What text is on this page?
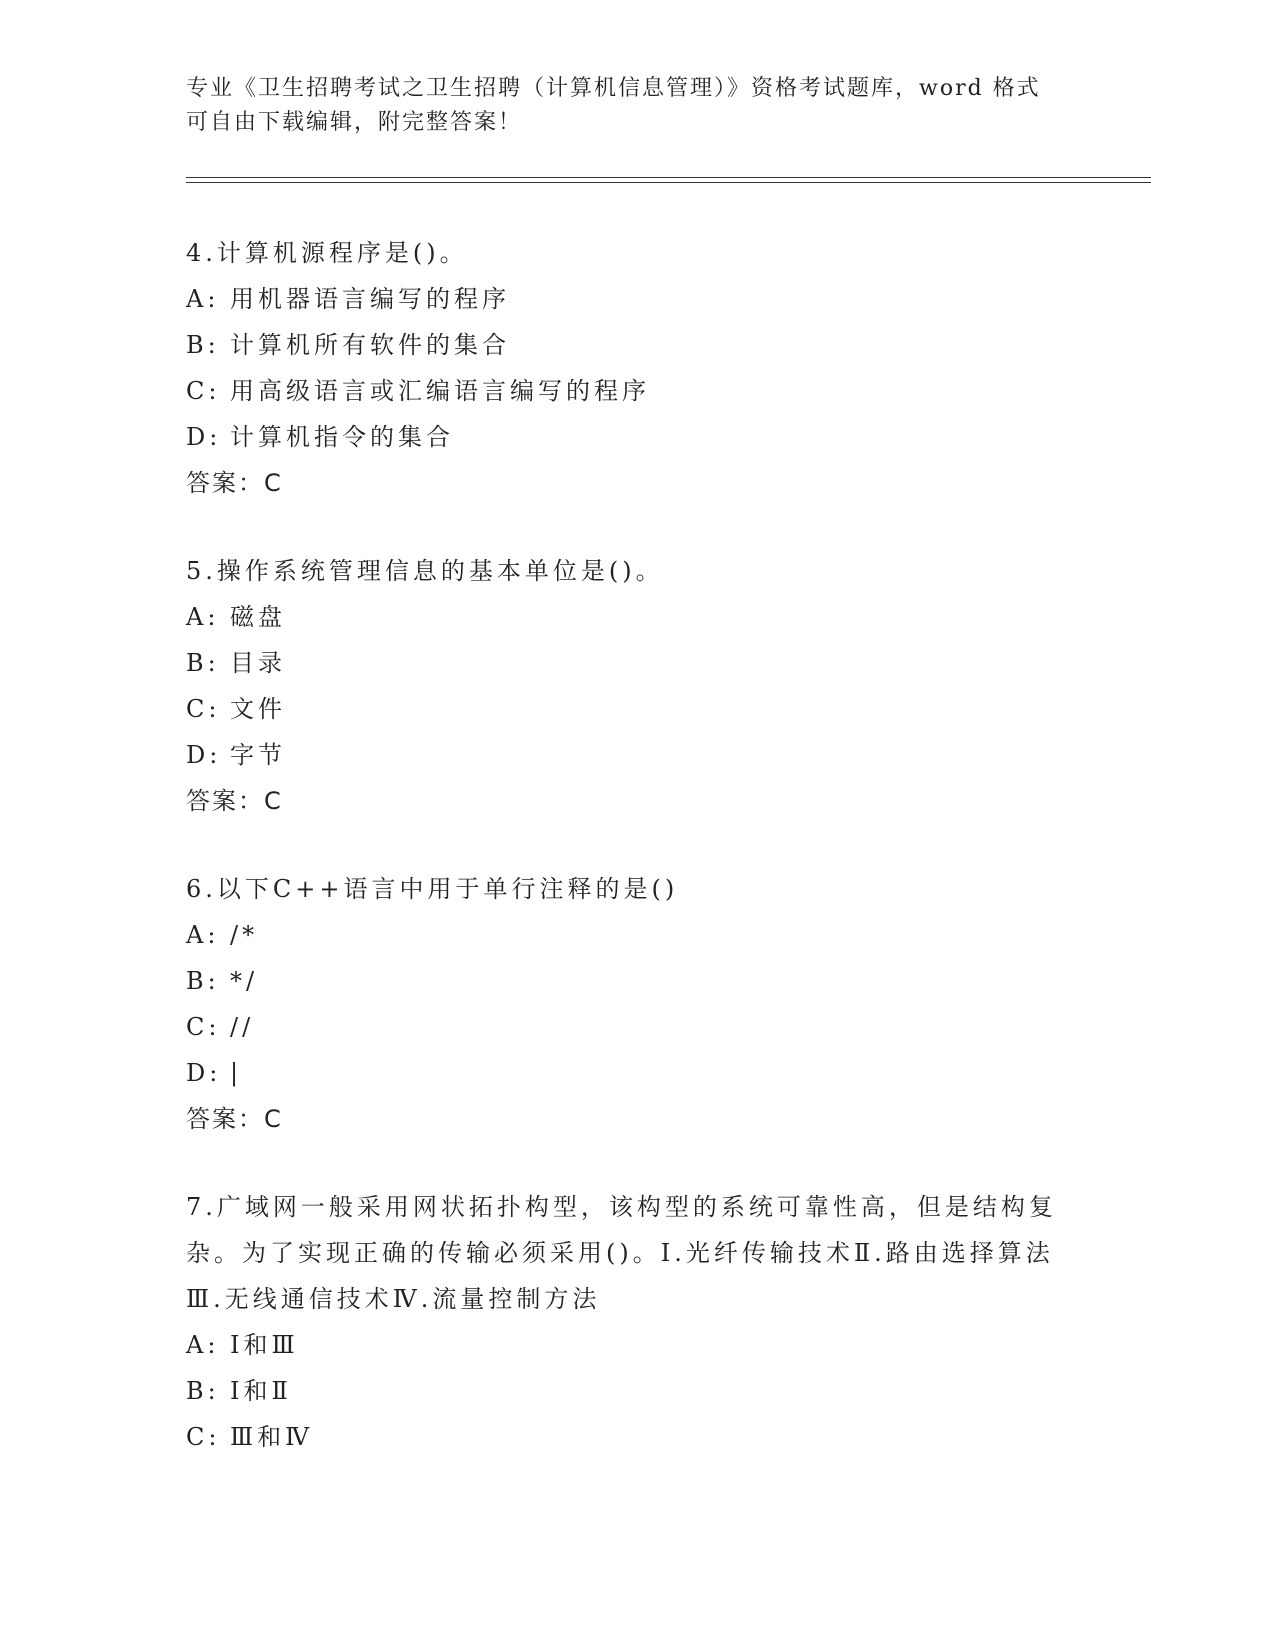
专业《卫生招聘考试之卫生招聘（计算机信息管理）》资格考试题库，word 格式
可自由下载编辑，附完整答案！
4.计算机源程序是()。
A: 用机器语言编写的程序
B: 计算机所有软件的集合
C: 用高级语言或汇编语言编写的程序
D: 计算机指令的集合
答案：C
5.操作系统管理信息的基本单位是()。
A: 磁盘
B: 目录
C: 文件
D: 字节
答案：C
6.以下C++语言中用于单行注释的是()
A: /*
B: */
C: //
D: |
答案：C
7.广域网一般采用网状拓扑构型，该构型的系统可靠性高，但是结构复杂。为了实现正确的传输必须采用()。Ⅰ.光纤传输技术Ⅱ.路由选择算法Ⅲ.无线通信技术Ⅳ.流量控制方法
A: Ⅰ和Ⅲ
B: Ⅰ和Ⅱ
C: Ⅲ和Ⅳ
